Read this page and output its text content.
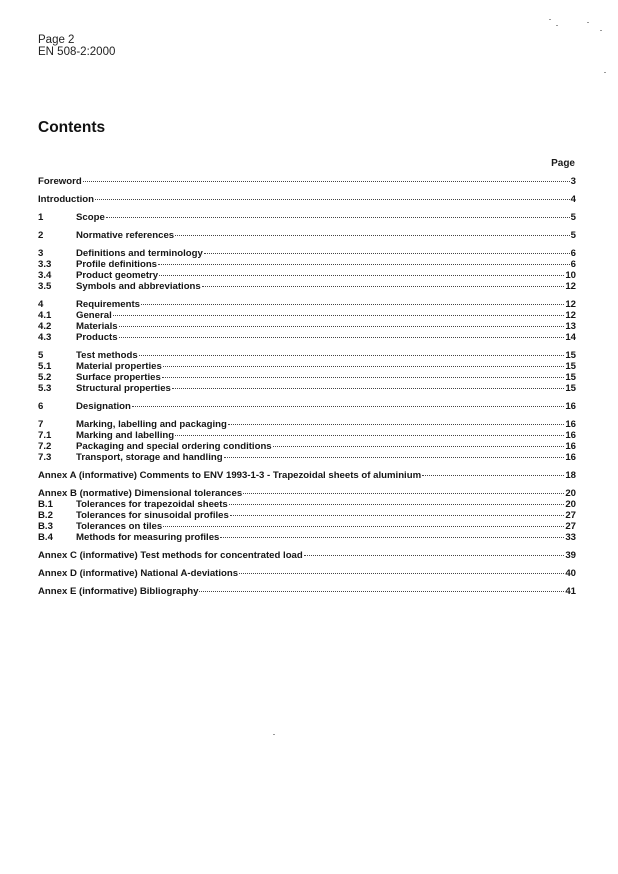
Page 2
EN 508-2:2000
Contents
Page
Foreword	3
Introduction	4
1	Scope	5
2	Normative references	5
3	Definitions and terminology	6
3.3	Profile definitions	6
3.4	Product geometry	10
3.5	Symbols and abbreviations	12
4	Requirements	12
4.1	General	12
4.2	Materials	13
4.3	Products	14
5	Test methods	15
5.1	Material properties	15
5.2	Surface properties	15
5.3	Structural properties	15
6	Designation	16
7	Marking, labelling and packaging	16
7.1	Marking and labelling	16
7.2	Packaging and special ordering conditions	16
7.3	Transport, storage and handling	16
Annex A (informative) Comments to ENV 1993-1-3 - Trapezoidal sheets of aluminium	18
Annex B (normative) Dimensional tolerances	20
B.1	Tolerances for trapezoidal sheets	20
B.2	Tolerances for sinusoidal profiles	27
B.3	Tolerances on tiles	27
B.4	Methods for measuring profiles	33
Annex C (informative) Test methods for concentrated load	39
Annex D (informative) National A-deviations	40
Annex E (informative) Bibliography	41
